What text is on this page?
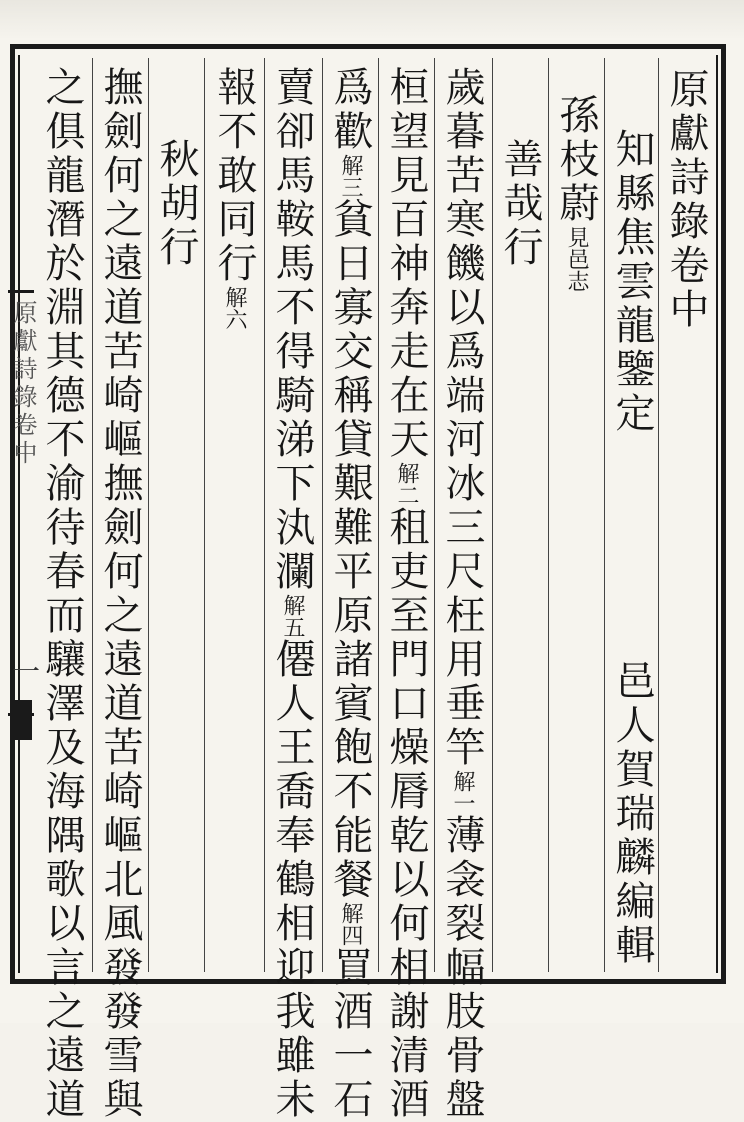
原獻詩錄卷中
知縣焦雲龍鑒定
邑人賀瑞麟編輯
孫枝蔚見邑志
善哉行
歲暮苦寒饑以爲端河冰三尺枉用垂竿解一薄衾裂幅肢骨盤
桓望見百神奔走在天解二租吏至門口燥脣乾以何相謝清酒
爲歡解三貧日寡交稱貸艱難平原諸賓飽不能餐解四買酒一石
賣卻馬鞍馬不得騎涕下汍瀾解五僊人王喬奉鶴相迎我雖未
報不敢同行解六
秋胡行
撫劍何之遠道苦崎嶇撫劍何之遠道苦崎嶇北風發發雪與
之俱龍潛於淵其德不渝待春而驤澤及海隅歌以言之遠道
原獻詩錄卷中
一
